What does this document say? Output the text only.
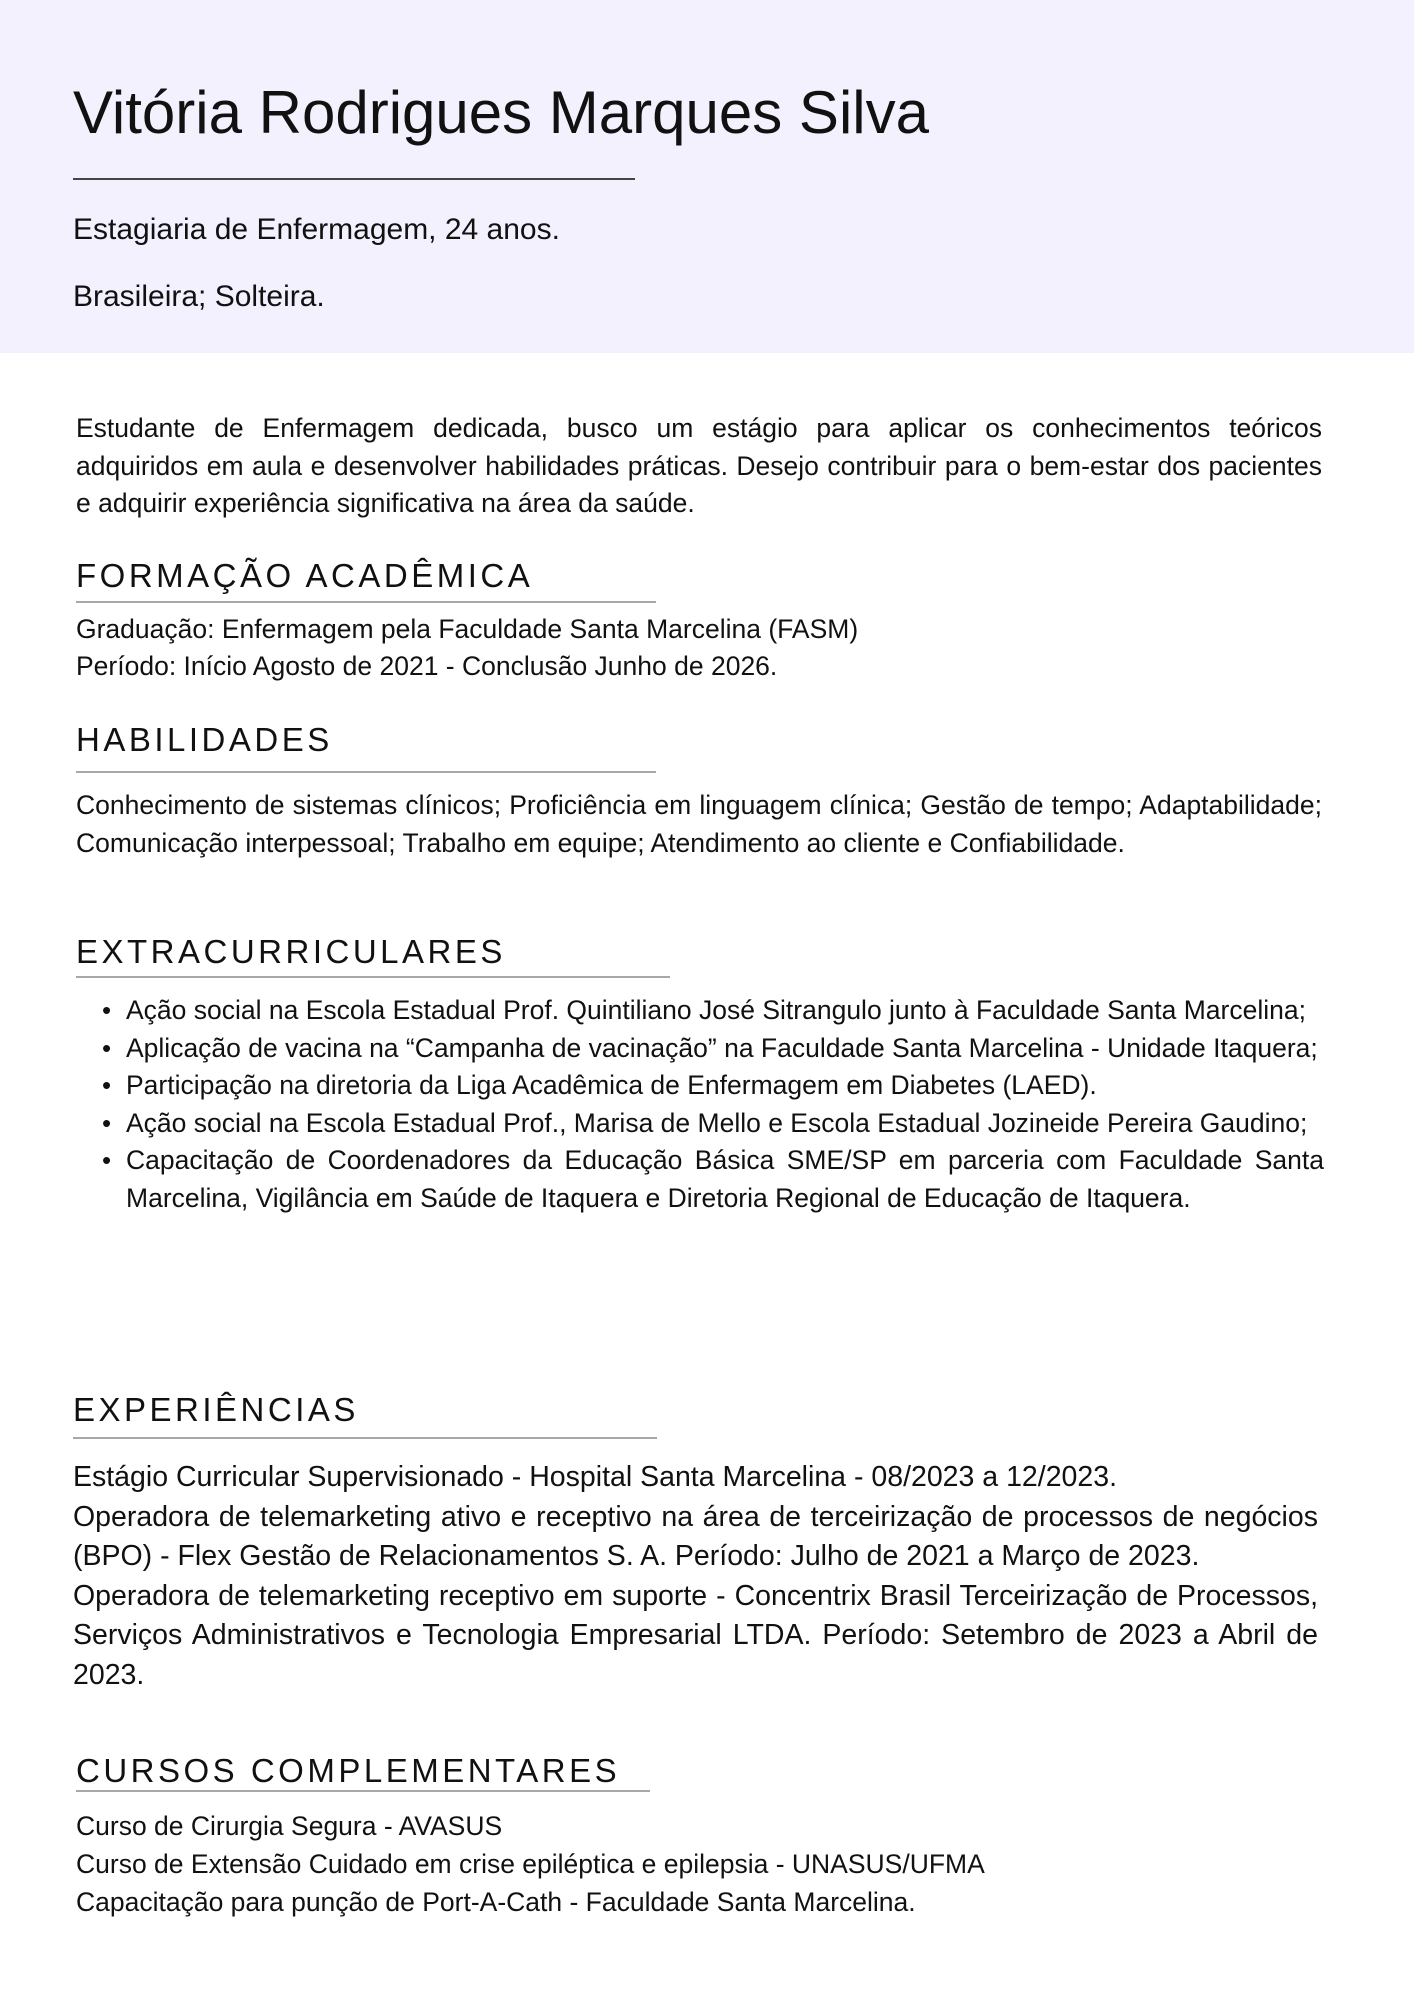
Vitória Rodrigues Marques Silva
Estagiaria de Enfermagem, 24 anos.
Brasileira; Solteira.

Estudante de Enfermagem dedicada, busco um estágio para aplicar os conhecimentos teóricos adquiridos em aula e desenvolver habilidades práticas. Desejo contribuir para o bem-estar dos pacientes e adquirir experiência significativa na área da saúde.

FORMAÇÃO ACADÊMICA
Graduação: Enfermagem pela Faculdade Santa Marcelina (FASM)
Período: Início Agosto de 2021 - Conclusão Junho de 2026.
HABILIDADES

Conhecimento de sistemas clínicos; Proficiência em linguagem clínica; Gestão de tempo; Adaptabilidade; Comunicação interpessoal; Trabalho em equipe; Atendimento ao cliente e Confiabilidade.

EXTRACURRICULARES
• Ação social na Escola Estadual Prof. Quintiliano José Sitrangulo junto à Faculdade Santa Marcelina;
• Aplicação de vacina na “Campanha de vacinação” na Faculdade Santa Marcelina - Unidade Itaquera;
• Participação na diretoria da Liga Acadêmica de Enfermagem em Diabetes (LAED).
• Ação social na Escola Estadual Prof., Marisa de Mello e Escola Estadual Jozineide Pereira Gaudino;
• Capacitação de Coordenadores da Educação Básica SME/SP em parceria com Faculdade Santa Marcelina, Vigilância em Saúde de Itaquera e Diretoria Regional de Educação de Itaquera.
EXPERIÊNCIAS

Estágio Curricular Supervisionado - Hospital Santa Marcelina - 08/2023 a 12/2023.

Operadora de telemarketing ativo e receptivo na área de terceirização de processos de negócios (BPO) - Flex Gestão de Relacionamentos S. A. Período: Julho de 2021 a Março de 2023.

Operadora de telemarketing receptivo em suporte - Concentrix Brasil Terceirização de Processos, Serviços Administrativos e Tecnologia Empresarial LTDA. Período: Setembro de 2023 a Abril de 2023.

CURSOS COMPLEMENTARES
Curso de Cirurgia Segura - AVASUS
Curso de Extensão Cuidado em crise epiléptica e epilepsia - UNASUS/UFMA
Capacitação para punção de Port-A-Cath - Faculdade Santa Marcelina.
